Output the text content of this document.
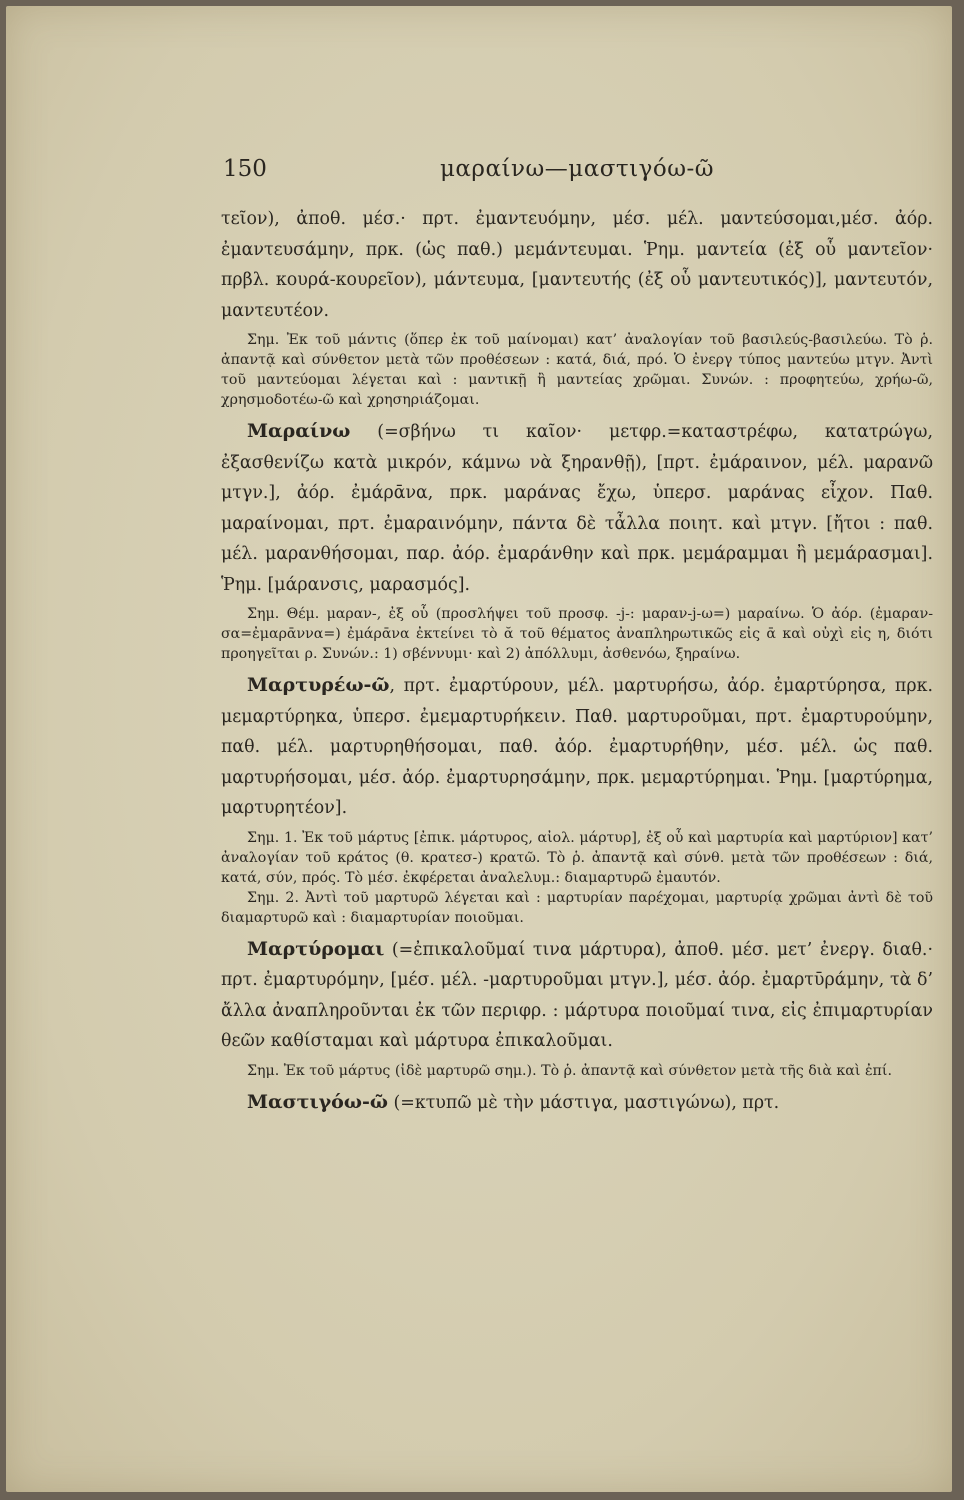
150	μαραίνω—μαστιγόω-ῶ

τεῖον), ἀποθ. μέσ.· πρτ. ἐμαντευόμην, μέσ. μέλ. μαντεύσομαι,μέσ. ἀόρ. ἐμαντευσάμην, πρκ. (ὡς παθ.) μεμάντευμαι. Ῥημ. μαντεία (ἐξ οὗ μαντεῖον· πρβλ. κουρά-κουρεῖον), μάντευμα, [μαντευτής (ἐξ οὗ μαντευτικός)], μαντευτόν, μαντευτέον.

Σημ. Ἐκ τοῦ μάντις (ὅπερ ἐκ τοῦ μαίνομαι) κατ’ ἀναλογίαν τοῦ βασιλεύς-βασιλεύω. Τὸ ῥ. ἀπαντᾷ καὶ σύνθετον μετὰ τῶν προθέσεων : κατά, διά, πρό. Ὁ ἐνεργ τύπος μαντεύω μτγν. Ἀντὶ τοῦ μαντεύομαι λέγεται καὶ : μαντικῇ ἢ μαντείας χρῶμαι. Συνών. : προφητεύω, χρήω-ῶ, χρησμοδοτέω-ῶ καὶ χρησηριάζομαι.

Μαραίνω (=σβήνω τι καῖον· μετφρ.=καταστρέφω, κατατρώγω, ἐξασθενίζω κατὰ μικρόν, κάμνω νὰ ξηρανθῇ), [πρτ. ἐμάραινον, μέλ. μαρανῶ μτγν.], ἀόρ. ἐμάρᾱνα, πρκ. μαράνας ἔχω, ὑπερσ. μαράνας εἶχον. Παθ. μαραίνομαι, πρτ. ἐμαραινόμην, πάντα δὲ τἆλλα ποιητ. καὶ μτγν. [ἤτοι : παθ. μέλ. μαρανθήσομαι, παρ. ἀόρ. ἐμαράνθην καὶ πρκ. μεμάραμμαι ἢ μεμάρασμαι]. Ῥημ. [μάρανσις, μαρασμός].

Σημ. Θέμ. μαραν-, ἐξ οὗ (προσλήψει τοῦ προσφ. -j-: μαραν-j-ω=) μαραίνω. Ὁ ἀόρ. (ἐμαραν-σα=ἐμαρᾱννα=) ἐμάρᾱνα ἐκτείνει τὸ ᾰ τοῦ θέματος ἀναπληρωτικῶς εἰς ᾱ καὶ οὐχὶ εἰς η, διότι προηγεῖται ρ. Συνών.: 1) σβέννυμι· καὶ 2) ἀπόλλυμι, ἀσθενόω, ξηραίνω.

Μαρτυρέω-ῶ, πρτ. ἐμαρτύρουν, μέλ. μαρτυρήσω, ἀόρ. ἐμαρτύρησα, πρκ. μεμαρτύρηκα, ὑπερσ. ἐμεμαρτυρήκειν. Παθ. μαρτυροῦμαι, πρτ. ἐμαρτυρούμην, παθ. μέλ. μαρτυρηθήσομαι, παθ. ἀόρ. ἐμαρτυρήθην, μέσ. μέλ. ὡς παθ. μαρτυρήσομαι, μέσ. ἀόρ. ἐμαρτυρησάμην, πρκ. μεμαρτύρημαι. Ῥημ. [μαρτύρημα, μαρτυρητέον].

Σημ. 1. Ἐκ τοῦ μάρτυς [ἐπικ. μάρτυρος, αἰολ. μάρτυρ], ἐξ οὗ καὶ μαρτυρία καὶ μαρτύριον] κατ’ ἀναλογίαν τοῦ κράτος (θ. κρατεσ-) κρατῶ. Τὸ ῥ. ἀπαντᾷ καὶ σύνθ. μετὰ τῶν προθέσεων : διά, κατά, σύν, πρός. Τὸ μέσ. ἐκφέρεται ἀναλελυμ.: διαμαρτυρῶ ἐμαυτόν.

Σημ. 2. Ἀντὶ τοῦ μαρτυρῶ λέγεται καὶ : μαρτυρίαν παρέχομαι, μαρτυρίᾳ χρῶμαι ἀντὶ δὲ τοῦ διαμαρτυρῶ καὶ : διαμαρτυρίαν ποιοῦμαι.

Μαρτύρομαι (=ἐπικαλοῦμαί τινα μάρτυρα), ἀποθ. μέσ. μετ’ ἐνεργ. διαθ.· πρτ. ἐμαρτυρόμην, [μέσ. μέλ. -μαρτυροῦμαι μτγν.], μέσ. ἀόρ. ἐμαρτῡράμην, τὰ δ’ ἄλλα ἀναπληροῦνται ἐκ τῶν περιφρ. : μάρτυρα ποιοῦμαί τινα, εἰς ἐπιμαρτυρίαν θεῶν καθίσταμαι καὶ μάρτυρα ἐπικαλοῦμαι.

Σημ. Ἐκ τοῦ μάρτυς (ἰδὲ μαρτυρῶ σημ.). Τὸ ῥ. ἀπαντᾷ καὶ σύνθετον μετὰ τῆς διὰ καὶ ἐπί.

Μαστιγόω-ῶ (=κτυπῶ μὲ τὴν μάστιγα, μαστιγώνω), πρτ.
